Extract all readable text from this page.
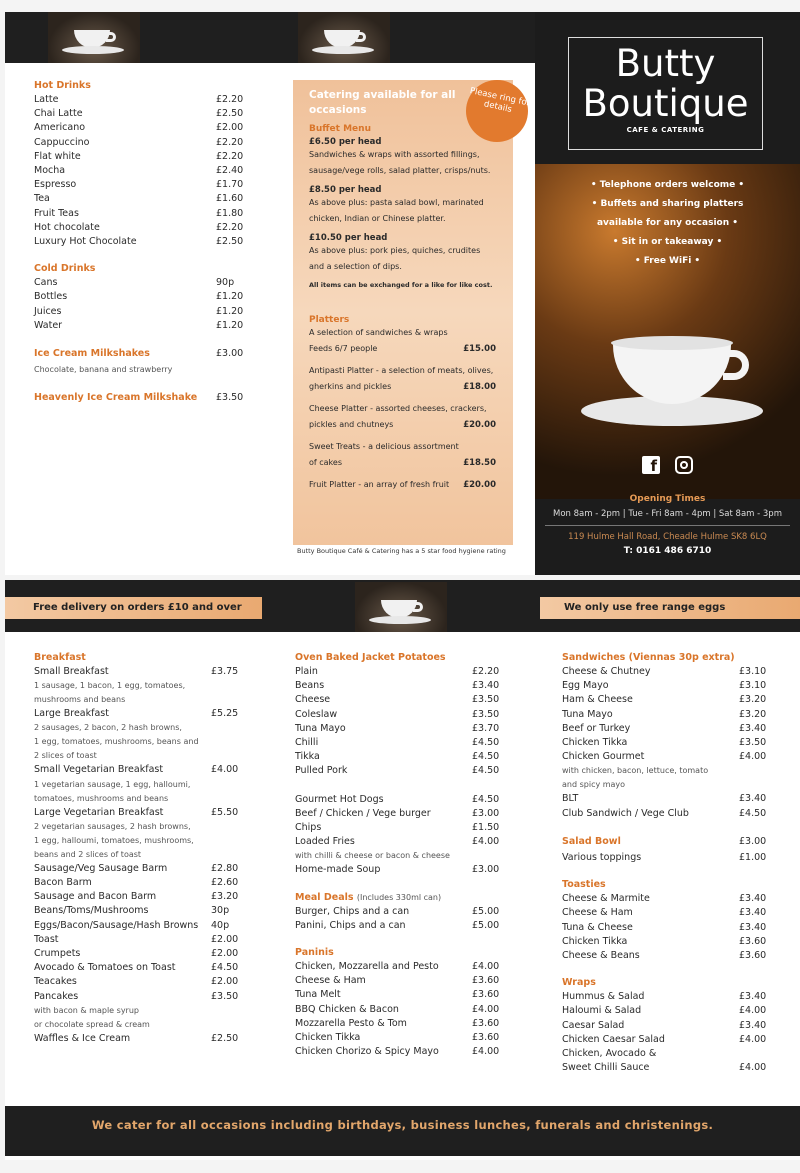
Hot Drinks
Latte	£2.20
Chai Latte	£2.50
Americano	£2.00
Cappuccino	£2.20
Flat white	£2.20
Mocha	£2.40
Espresso	£1.70
Tea	£1.60
Fruit Teas	£1.80
Hot chocolate	£2.20
Luxury Hot Chocolate	£2.50
Cold Drinks
Cans	90p
Bottles	£1.20
Juices	£1.20
Water	£1.20
Ice Cream Milkshakes	£3.00
Chocolate, banana and strawberry
Heavenly Ice Cream Milkshake £3.50
Catering available for all occasions
Buffet Menu
£6.50 per head
Sandwiches & wraps with assorted fillings, sausage/vege rolls, salad platter, crisps/nuts.
£8.50 per head
As above plus: pasta salad bowl, marinated chicken, Indian or Chinese platter.
£10.50 per head
As above plus: pork pies, quiches, crudites and a selection of dips.
All items can be exchanged for a like for like cost.
Platters
A selection of sandwiches & wraps
Feeds 6/7 people	£15.00
Antipasti Platter - a selection of meats, olives,
gherkins and pickles	£18.00
Cheese Platter - assorted cheeses, crackers,
pickles and chutneys	£20.00
Sweet Treats - a delicious assortment
of cakes	£18.50
Fruit Platter - an array of fresh fruit £20.00
Please ring for details
Butty Boutique Café & Catering has a 5 star food hygiene rating
Butty
Boutique
CAFE & CATERING
• Telephone orders welcome •
• Buffets and sharing platters
available for any occasion •
• Sit in or takeaway •
• Free WiFi •
f
Opening Times
Mon 8am - 2pm | Tue - Fri 8am - 4pm | Sat 8am - 3pm
119 Hulme Hall Road, Cheadle Hulme SK8 6LQ
T: 0161 486 6710
Free delivery on orders £10 and over	We only use free range eggs
Breakfast
Small Breakfast	£3.75
1 sausage, 1 bacon, 1 egg, tomatoes,
mushrooms and beans
Large Breakfast	£5.25
2 sausages, 2 bacon, 2 hash browns,
1 egg, tomatoes, mushrooms, beans and
2 slices of toast
Small Vegetarian Breakfast	£4.00
1 vegetarian sausage, 1 egg, halloumi,
tomatoes, mushrooms and beans
Large Vegetarian Breakfast	£5.50
2 vegetarian sausages, 2 hash browns,
1 egg, halloumi, tomatoes, mushrooms,
beans and 2 slices of toast
Sausage/Veg Sausage Barm	£2.80
Bacon Barm	£2.60
Sausage and Bacon Barm	£3.20
Beans/Toms/Mushrooms	30p
Eggs/Bacon/Sausage/Hash Browns 40p
Toast	£2.00
Crumpets	£2.00
Avocado & Tomatoes on Toast	£4.50
Teacakes	£2.00
Pancakes	£3.50
with bacon & maple syrup
or chocolate spread & cream
Waffles & Ice Cream	£2.50
Oven Baked Jacket Potatoes
Plain	£2.20
Beans	£3.40
Cheese	£3.50
Coleslaw	£3.50
Tuna Mayo	£3.70
Chilli	£4.50
Tikka	£4.50
Pulled Pork	£4.50
Gourmet Hot Dogs	£4.50
Beef / Chicken / Vege burger	£3.00
Chips	£1.50
Loaded Fries	£4.00
with chilli & cheese or bacon & cheese
Home-made Soup	£3.00
Meal Deals (Includes 330ml can)
Burger, Chips and a can	£5.00
Panini, Chips and a can	£5.00
Paninis
Chicken, Mozzarella and Pesto	£4.00
Cheese & Ham	£3.60
Tuna Melt	£3.60
BBQ Chicken & Bacon	£4.00
Mozzarella Pesto & Tom	£3.60
Chicken Tikka	£3.60
Chicken Chorizo & Spicy Mayo	£4.00
Sandwiches (Viennas 30p extra)
Cheese & Chutney	£3.10
Egg Mayo	£3.10
Ham & Cheese	£3.20
Tuna Mayo	£3.20
Beef or Turkey	£3.40
Chicken Tikka	£3.50
Chicken Gourmet	£4.00
with chicken, bacon, lettuce, tomato
and spicy mayo
BLT	£3.40
Club Sandwich / Vege Club	£4.50
Salad Bowl	£3.00
Various toppings	£1.00
Toasties
Cheese & Marmite	£3.40
Cheese & Ham	£3.40
Tuna & Cheese	£3.40
Chicken Tikka	£3.60
Cheese & Beans	£3.60
Wraps
Hummus & Salad	£3.40
Haloumi & Salad	£4.00
Caesar Salad	£3.40
Chicken Caesar Salad	£4.00
Chicken, Avocado &
Sweet Chilli Sauce	£4.00
We cater for all occasions including birthdays, business lunches, funerals and christenings.
